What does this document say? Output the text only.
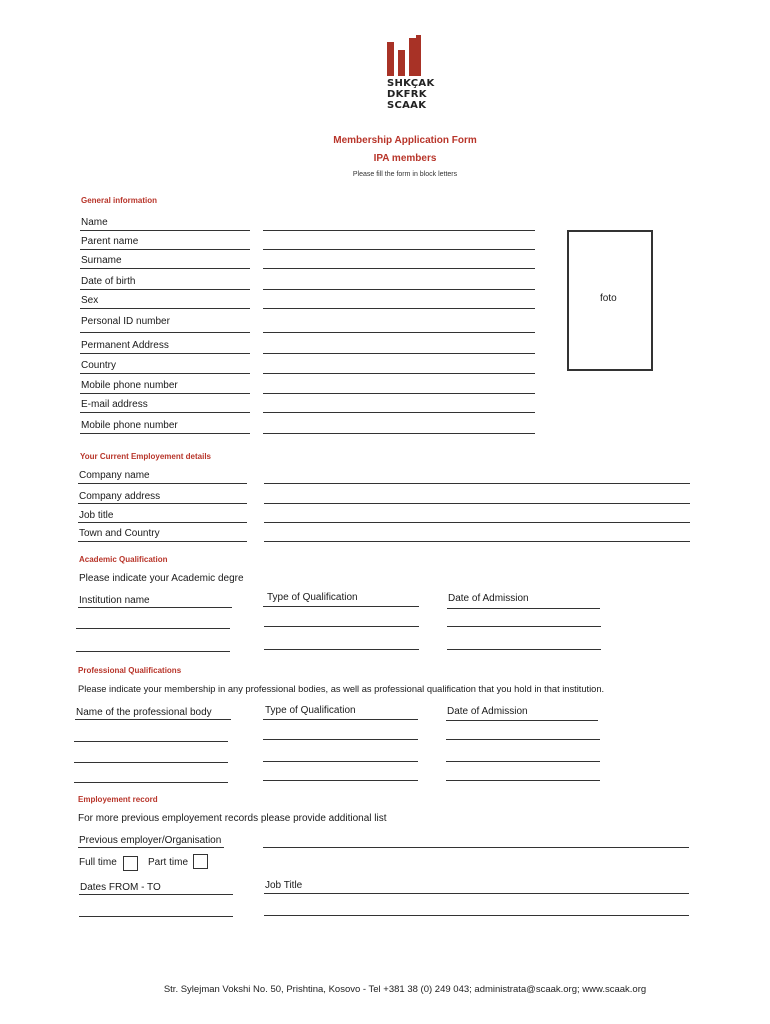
SHKÇAK
DKFRK
SCAAK
Membership Application Form
IPA members
Please fill the form in block letters
General information
Name
Parent name
Surname
Date of birth
Sex
Personal ID number
Permanent Address
Country
Mobile phone number
E-mail address
Mobile phone number
foto
Your Current Employement details
Company name
Company address
Job title
Town and Country
Academic Qualification
Please indicate your Academic degre
Institution name	Type of Qualification	Date of Admission
Professional Qualifications
Please indicate your membership in any professional bodies, as well as professional qualification that you hold in that institution.
Name of the professional body	Type of Qualification	Date of Admission
Employement record
For more previous employement records please provide additional list
Previous employer/Organisation
Full time	Part time
Dates FROM - TO	Job Title
Str. Sylejman Vokshi No. 50, Prishtina, Kosovo - Tel +381 38 (0) 249 043; administrata@scaak.org; www.scaak.org
